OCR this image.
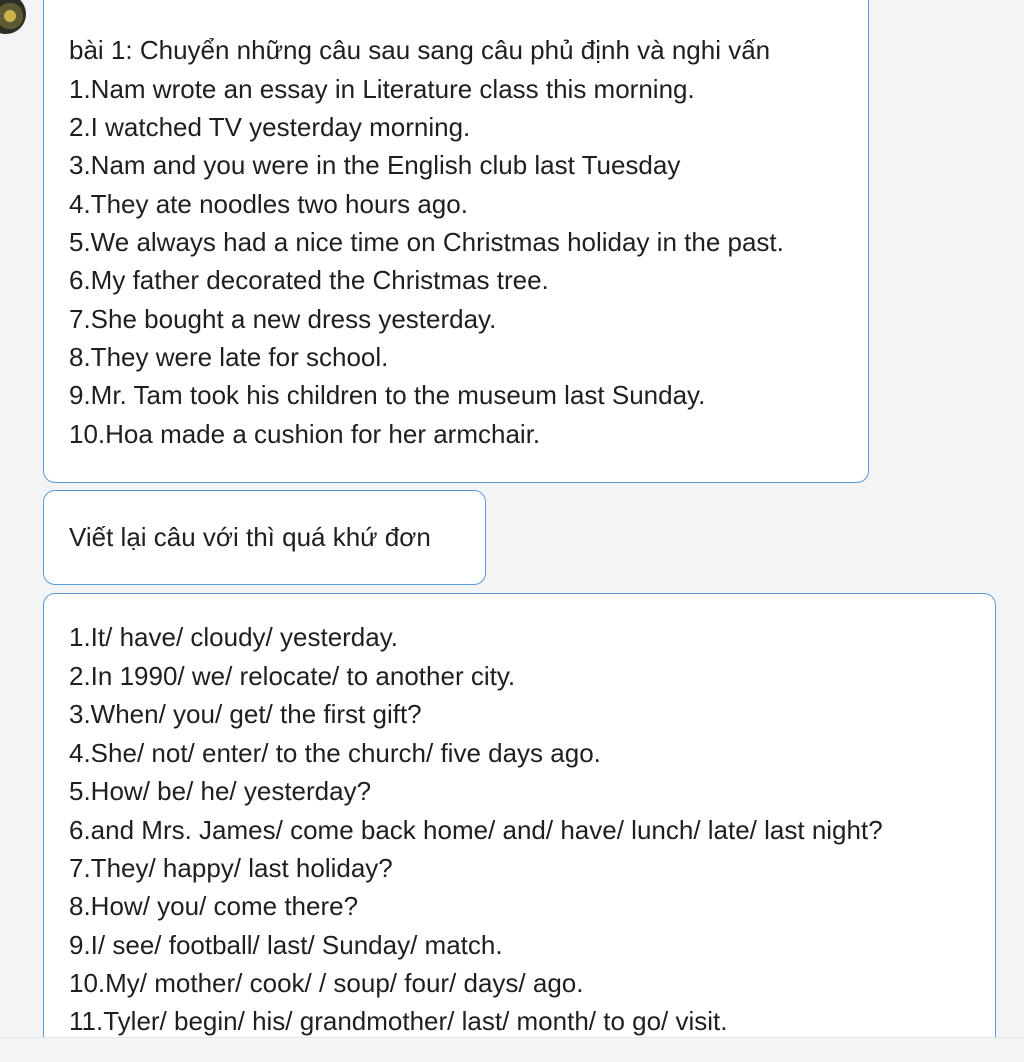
bài 1: Chuyển những câu sau sang câu phủ định và nghi vấn
1.Nam wrote an essay in Literature class this morning.
2.I watched TV yesterday morning.
3.Nam and you were in the English club last Tuesday
4.They ate noodles two hours ago.
5.We always had a nice time on Christmas holiday in the past.
6.My father decorated the Christmas tree.
7.She bought a new dress yesterday.
8.They were late for school.
9.Mr. Tam took his children to the museum last Sunday.
10.Hoa made a cushion for her armchair.
Viết lại câu với thì quá khứ đơn
1.It/ have/ cloudy/ yesterday.
2.In 1990/ we/ relocate/ to another city.
3.When/ you/ get/ the first gift?
4.She/ not/ enter/ to the church/ five days ago.
5.How/ be/ he/ yesterday?
6.and Mrs. James/ come back home/ and/ have/ lunch/ late/ last night?
7.They/ happy/ last holiday?
8.How/ you/ come there?
9.I/ see/ football/ last/ Sunday/ match.
10.My/ mother/ cook/ / soup/ four/ days/ ago.
11.Tyler/ begin/ his/ grandmother/ last/ month/ to go/ visit.
